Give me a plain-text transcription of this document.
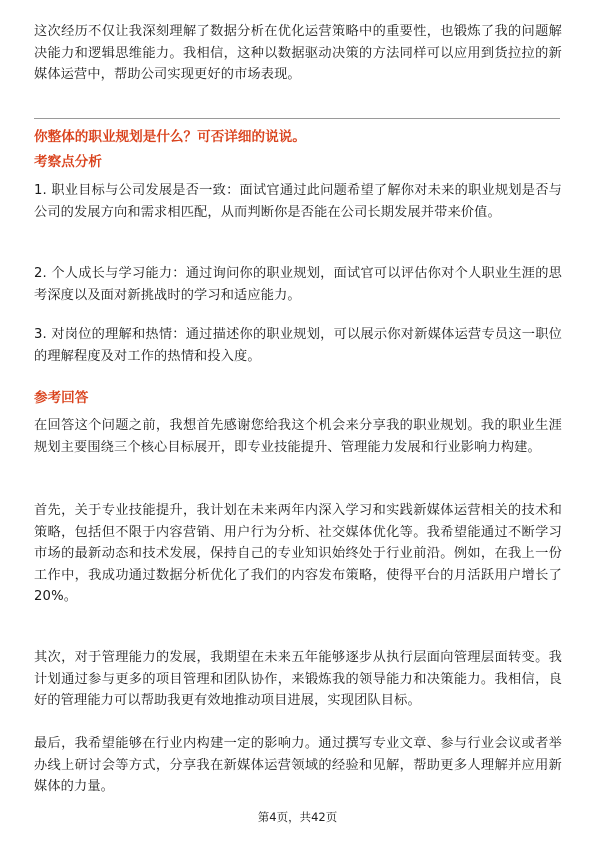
这次经历不仅让我深刻理解了数据分析在优化运营策略中的重要性，也锻炼了我的问题解决能力和逻辑思维能力。我相信，这种以数据驱动决策的方法同样可以应用到货拉拉的新媒体运营中，帮助公司实现更好的市场表现。

你整体的职业规划是什么？可否详细的说说。

考察点分析

1. 职业目标与公司发展是否一致：面试官通过此问题希望了解你对未来的职业规划是否与公司的发展方向和需求相匹配，从而判断你是否能在公司长期发展并带来价值。

2. 个人成长与学习能力：通过询问你的职业规划，面试官可以评估你对个人职业生涯的思考深度以及面对新挑战时的学习和适应能力。

3. 对岗位的理解和热情：通过描述你的职业规划，可以展示你对新媒体运营专员这一职位的理解程度及对工作的热情和投入度。

参考回答

在回答这个问题之前，我想首先感谢您给我这个机会来分享我的职业规划。我的职业生涯规划主要围绕三个核心目标展开，即专业技能提升、管理能力发展和行业影响力构建。

首先，关于专业技能提升，我计划在未来两年内深入学习和实践新媒体运营相关的技术和策略，包括但不限于内容营销、用户行为分析、社交媒体优化等。我希望能通过不断学习市场的最新动态和技术发展，保持自己的专业知识始终处于行业前沿。例如，在我上一份工作中，我成功通过数据分析优化了我们的内容发布策略，使得平台的月活跃用户增长了20%。

其次，对于管理能力的发展，我期望在未来五年能够逐步从执行层面向管理层面转变。我计划通过参与更多的项目管理和团队协作，来锻炼我的领导能力和决策能力。我相信，良好的管理能力可以帮助我更有效地推动项目进展，实现团队目标。

最后，我希望能够在行业内构建一定的影响力。通过撰写专业文章、参与行业会议或者举办线上研讨会等方式，分享我在新媒体运营领域的经验和见解，帮助更多人理解并应用新媒体的力量。

第4页，共42页
